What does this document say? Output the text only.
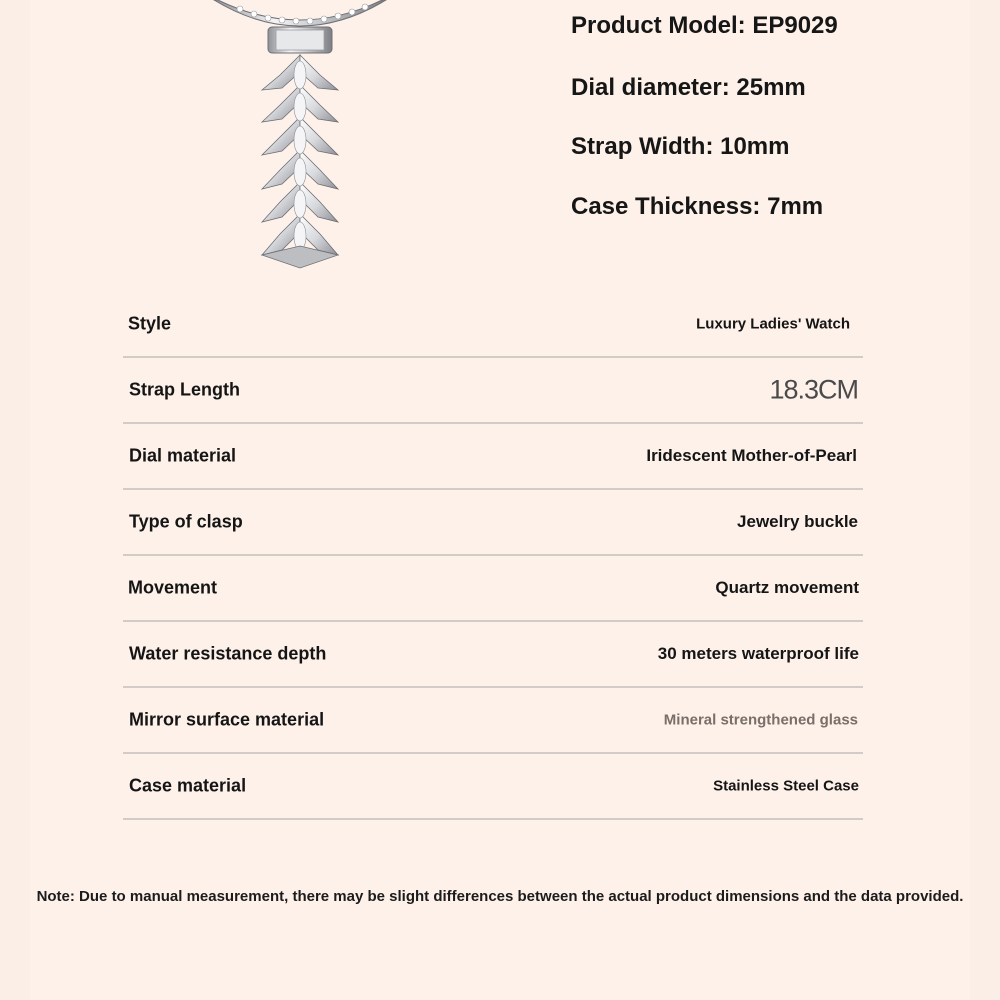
Product Model: EP9029
Dial diameter: 25mm
Strap Width: 10mm
Case Thickness: 7mm
Style	Luxury Ladies' Watch
Strap Length	18.3CM
Dial material	Iridescent Mother-of-Pearl
Type of clasp	Jewelry buckle
Movement	Quartz movement
Water resistance depth	30 meters waterproof life
Mirror surface material	Mineral strengthened glass
Case material	Stainless Steel Case
Note: Due to manual measurement, there may be slight differences between the actual product dimensions and the data provided.
